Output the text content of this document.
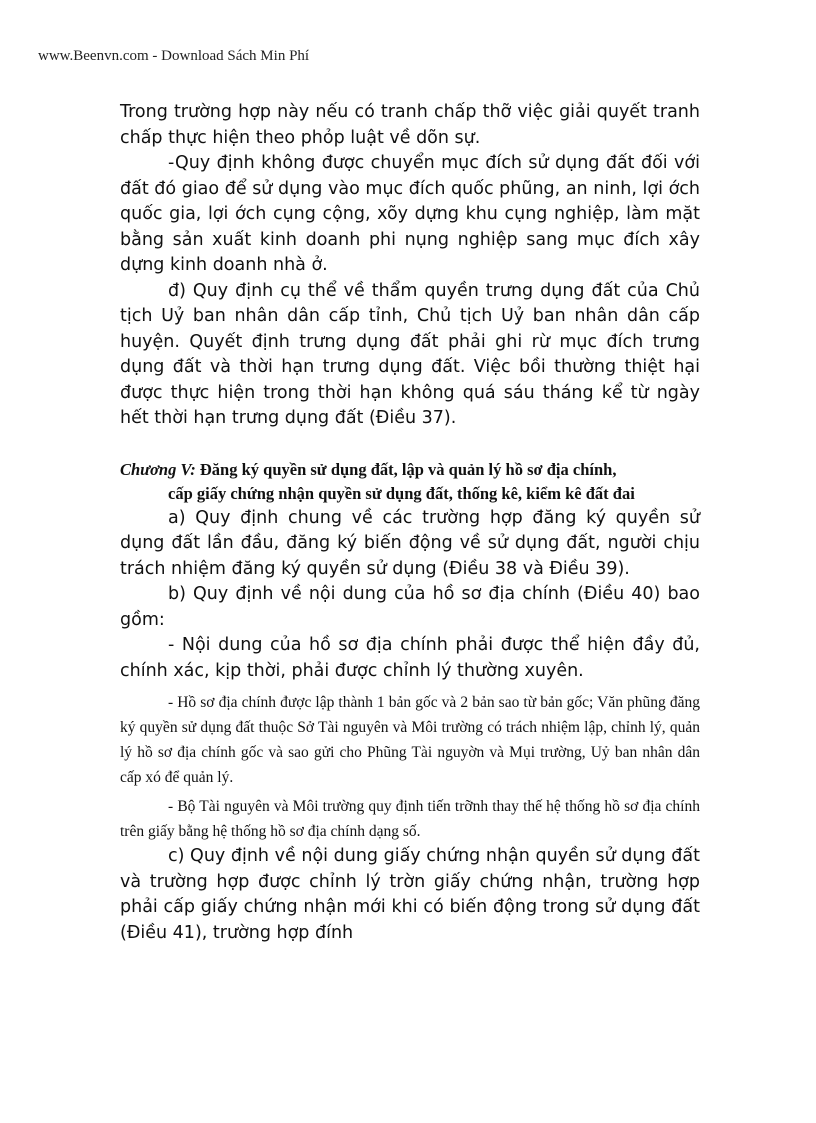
www.Beenvn.com - Download Sách Min Phí

Trong trường hợp này nếu có tranh chấp thỡ việc giải quyết tranh chấp thực hiện theo phỏp luật về dõn sự.

-Quy định không được chuyển mục đích sử dụng đất đối với đất đó giao để sử dụng vào mục đích quốc phũng, an ninh, lợi ớch quốc gia, lợi ớch cụng cộng, xõy dựng khu cụng nghiệp, làm mặt bằng sản xuất kinh doanh phi nụng nghiệp sang mục đích xây dựng kinh doanh nhà ở.

đ) Quy định cụ thể về thẩm quyền trưng dụng đất của Chủ tịch Uỷ ban nhân dân cấp tỉnh, Chủ tịch Uỷ ban nhân dân cấp huyện. Quyết định trưng dụng đất phải ghi rừ mục đích trưng dụng đất và thời hạn trưng dụng đất. Việc bồi thường thiệt hại được thực hiện trong thời hạn không quá sáu tháng kể từ ngày hết thời hạn trưng dụng đất (Điều 37).

Chương V: Đăng ký quyền sử dụng đất, lập và quản lý hồ sơ địa chính,
cấp giấy chứng nhận quyền sử dụng đất, thống kê, kiểm kê đất đai

a) Quy định chung về các trường hợp đăng ký quyền sử dụng đất lần đầu, đăng ký biến động về sử dụng đất, người chịu trách nhiệm đăng ký quyền sử dụng (Điều 38 và Điều 39).

b) Quy định về nội dung của hồ sơ địa chính (Điều 40) bao gồm:

- Nội dung của hồ sơ địa chính phải được thể hiện đầy đủ, chính xác, kịp thời, phải được chỉnh lý thường xuyên.

- Hồ sơ địa chính được lập thành 1 bản gốc và 2 bản sao từ bản gốc; Văn phũng đăng ký quyền sử dụng đất thuộc Sở Tài nguyên và Môi trường có trách nhiệm lập, chỉnh lý, quản lý hồ sơ địa chính gốc và sao gửi cho Phũng Tài nguyờn và Mụi trường, Uỷ ban nhân dân cấp xó để quản lý.

- Bộ Tài nguyên và Môi trường quy định tiến trỡnh thay thế hệ thống hồ sơ địa chính trên giấy bằng hệ thống hồ sơ địa chính dạng số.

c) Quy định về nội dung giấy chứng nhận quyền sử dụng đất và trường hợp được chỉnh lý trờn giấy chứng nhận, trường hợp phải cấp giấy chứng nhận mới khi có biến động trong sử dụng đất (Điều 41), trường hợp đính
